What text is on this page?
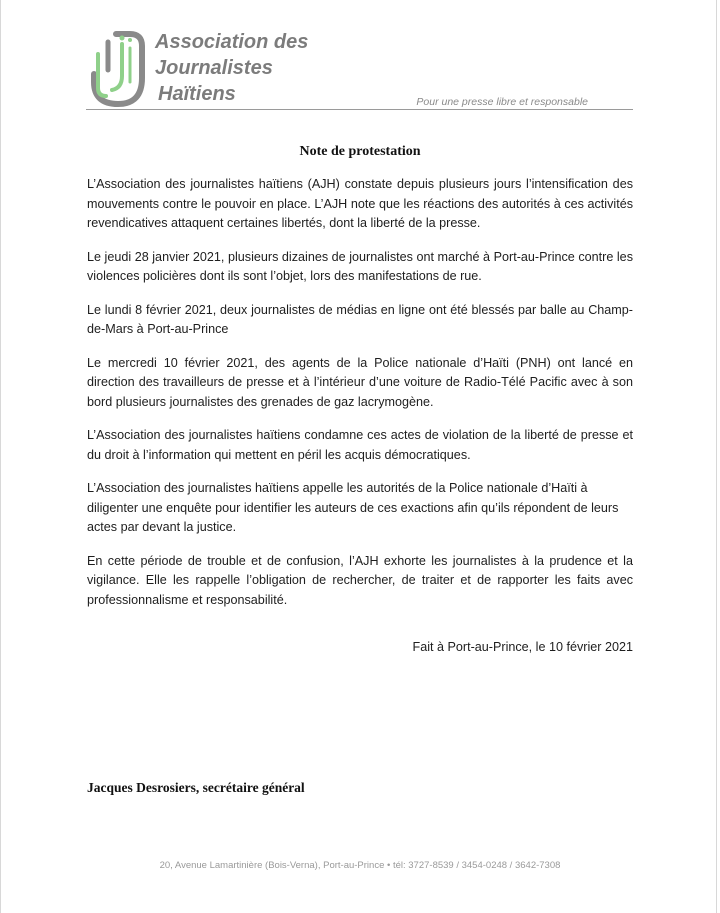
Association des
Journalistes
Haïtiens	Pour une presse libre et responsable
Note de protestation

L’Association des journalistes haïtiens (AJH) constate depuis plusieurs jours l’intensification des mouvements contre le pouvoir en place. L’AJH note que les réactions des autorités à ces activités revendicatives attaquent certaines libertés, dont la liberté de la presse.

Le jeudi 28 janvier 2021, plusieurs dizaines de journalistes ont marché à Port-au-Prince contre les violences policières dont ils sont l’objet, lors des manifestations de rue.

Le lundi 8 février 2021, deux journalistes de médias en ligne ont été blessés par balle au Champ-de-Mars à Port-au-Prince

Le mercredi 10 février 2021, des agents de la Police nationale d’Haïti (PNH) ont lancé en direction des travailleurs de presse et à l’intérieur d’une voiture de Radio-Télé Pacific avec à son bord plusieurs journalistes des grenades de gaz lacrymogène.

L’Association des journalistes haïtiens condamne ces actes de violation de la liberté de presse et du droit à l’information qui mettent en péril les acquis démocratiques.

L’Association des journalistes haïtiens appelle les autorités de la Police nationale d’Haïti à diligenter une enquête pour identifier les auteurs de ces exactions afin qu’ils répondent de leurs actes par devant la justice.

En cette période de trouble et de confusion, l’AJH exhorte les journalistes à la prudence et la vigilance. Elle les rappelle l’obligation de rechercher, de traiter et de rapporter les faits avec professionnalisme et responsabilité.

Fait à Port-au-Prince, le 10 février 2021
Jacques Desrosiers, secrétaire général
20, Avenue Lamartinière (Bois-Verna), Port-au-Prince • tél: 3727-8539 / 3454-0248 / 3642-7308
